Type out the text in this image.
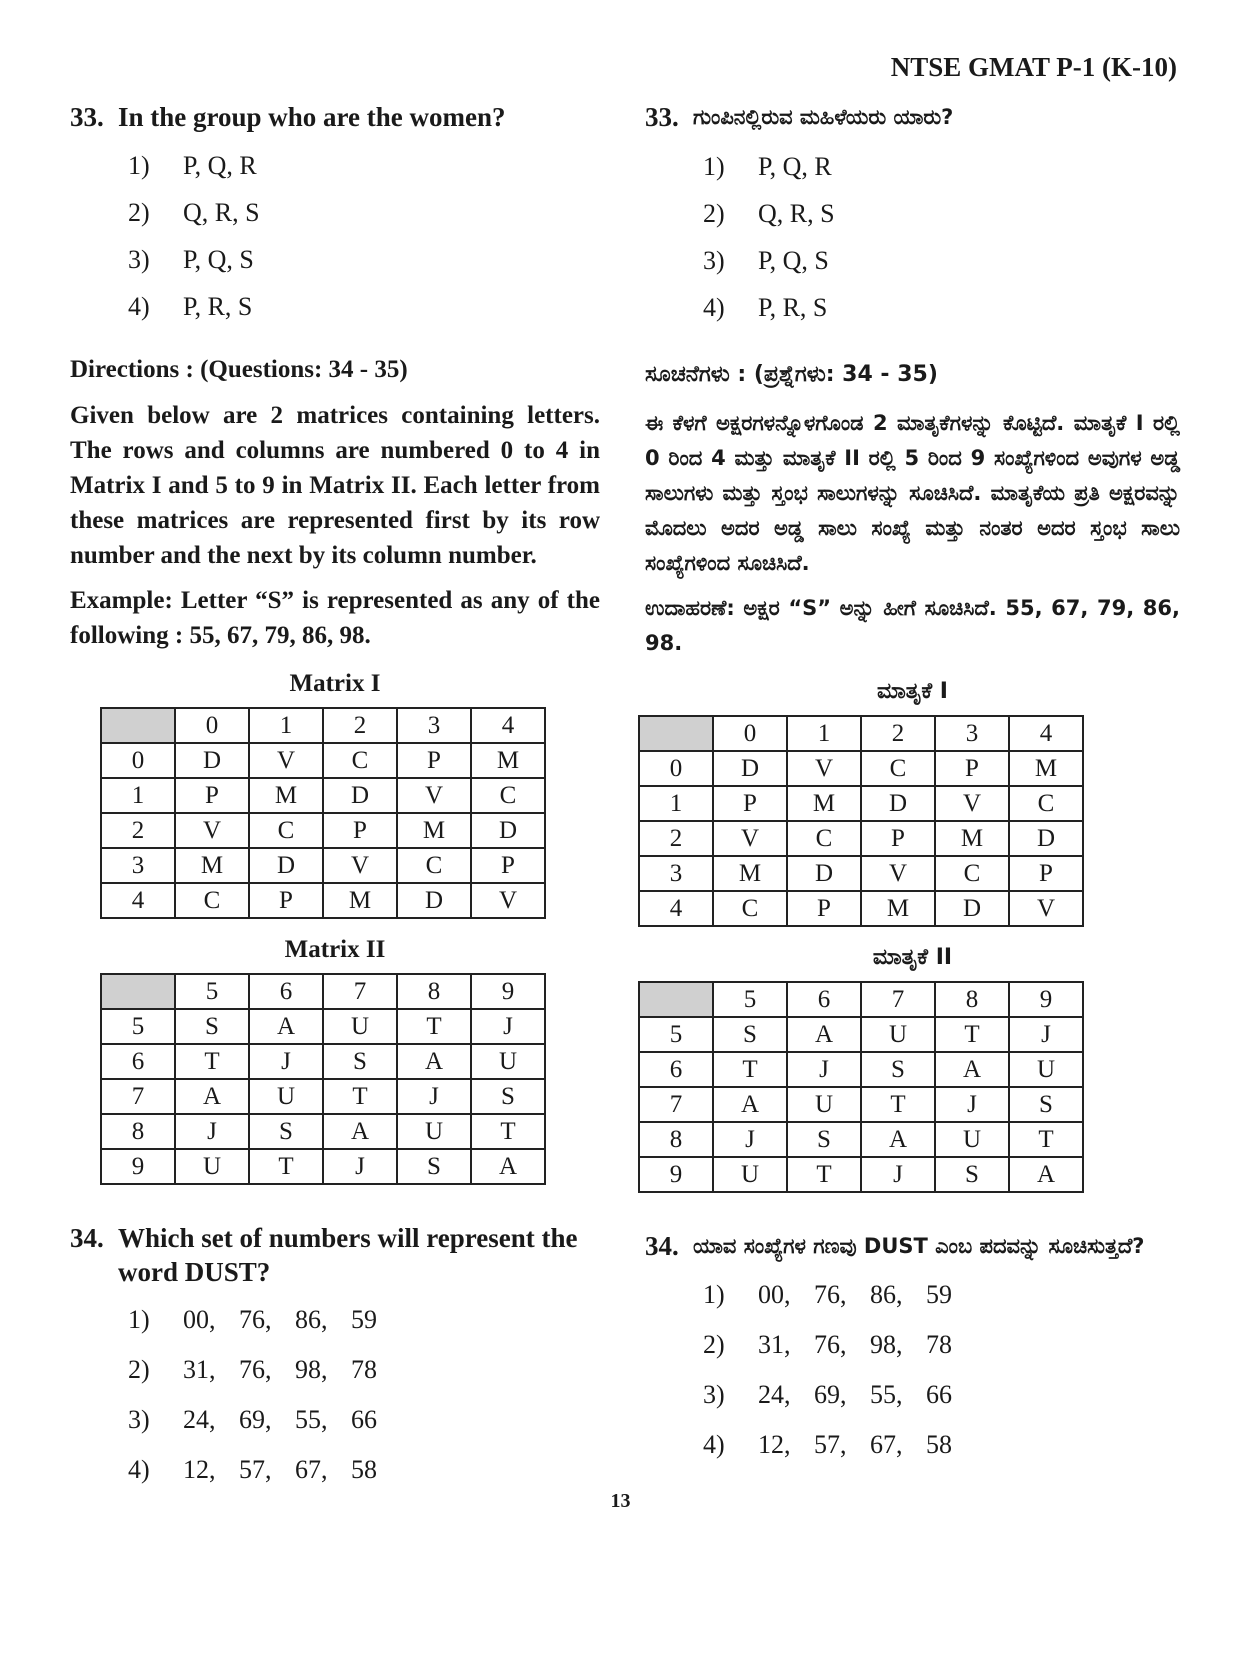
NTSE GMAT P-1 (K-10)
33. In the group who are the women?
1)	P, Q, R
2)	Q, R, S
3)	P, Q, S
4)	P, R, S
Directions : (Questions: 34 - 35)
Given below are 2 matrices containing letters. The rows and columns are numbered 0 to 4 in Matrix I and 5 to 9 in Matrix II. Each letter from these matrices are represented first by its row number and the next by its column number.
Example: Letter “S” is represented as any of the following : 55, 67, 79, 86, 98.
Matrix I
	0	1	2	3	4
0	D	V	C	P	M
1	P	M	D	V	C
2	V	C	P	M	D
3	M	D	V	C	P
4	C	P	M	D	V
Matrix II
	5	6	7	8	9
5	S	A	U	T	J
6	T	J	S	A	U
7	A	U	T	J	S
8	J	S	A	U	T
9	U	T	J	S	A
34. Which set of numbers will represent the word DUST?
1)	00, 76, 86, 59
2)	31, 76, 98, 78
3)	24, 69, 55, 66
4)	12, 57, 67, 58
33. ಗುಂಪಿನಲ್ಲಿರುವ ಮಹಿಳೆಯರು ಯಾರು?
1)	P, Q, R
2)	Q, R, S
3)	P, Q, S
4)	P, R, S
ಸೂಚನೆಗಳು : (ಪ್ರಶ್ನೆಗಳು: 34 - 35)
ಈ ಕೆಳಗೆ ಅಕ್ಷರಗಳನ್ನೊಳಗೊಂಡ 2 ಮಾತೃಕೆಗಳನ್ನು ಕೊಟ್ಟಿದೆ. ಮಾತೃಕೆ I ರಲ್ಲಿ 0 ರಿಂದ 4 ಮತ್ತು ಮಾತೃಕೆ II ರಲ್ಲಿ 5 ರಿಂದ 9 ಸಂಖ್ಯೆಗಳಿಂದ ಅವುಗಳ ಅಡ್ಡ ಸಾಲುಗಳು ಮತ್ತು ಸ್ತಂಭ ಸಾಲುಗಳನ್ನು ಸೂಚಿಸಿದೆ. ಮಾತೃಕೆಯ ಪ್ರತಿ ಅಕ್ಷರವನ್ನು ಮೊದಲು ಅದರ ಅಡ್ಡ ಸಾಲು ಸಂಖ್ಯೆ ಮತ್ತು ನಂತರ ಅದರ ಸ್ತಂಭ ಸಾಲು ಸಂಖ್ಯೆಗಳಿಂದ ಸೂಚಿಸಿದೆ.
ಉದಾಹರಣೆ: ಅಕ್ಷರ “S” ಅನ್ನು ಹೀಗೆ ಸೂಚಿಸಿದೆ. 55, 67, 79, 86, 98.
ಮಾತೃಕೆ I
	0	1	2	3	4
0	D	V	C	P	M
1	P	M	D	V	C
2	V	C	P	M	D
3	M	D	V	C	P
4	C	P	M	D	V
ಮಾತೃಕೆ II
	5	6	7	8	9
5	S	A	U	T	J
6	T	J	S	A	U
7	A	U	T	J	S
8	J	S	A	U	T
9	U	T	J	S	A
34. ಯಾವ ಸಂಖ್ಯೆಗಳ ಗಣವು DUST ಎಂಬ ಪದವನ್ನು ಸೂಚಿಸುತ್ತದೆ?
1)	00, 76, 86, 59
2)	31, 76, 98, 78
3)	24, 69, 55, 66
4)	12, 57, 67, 58
13
